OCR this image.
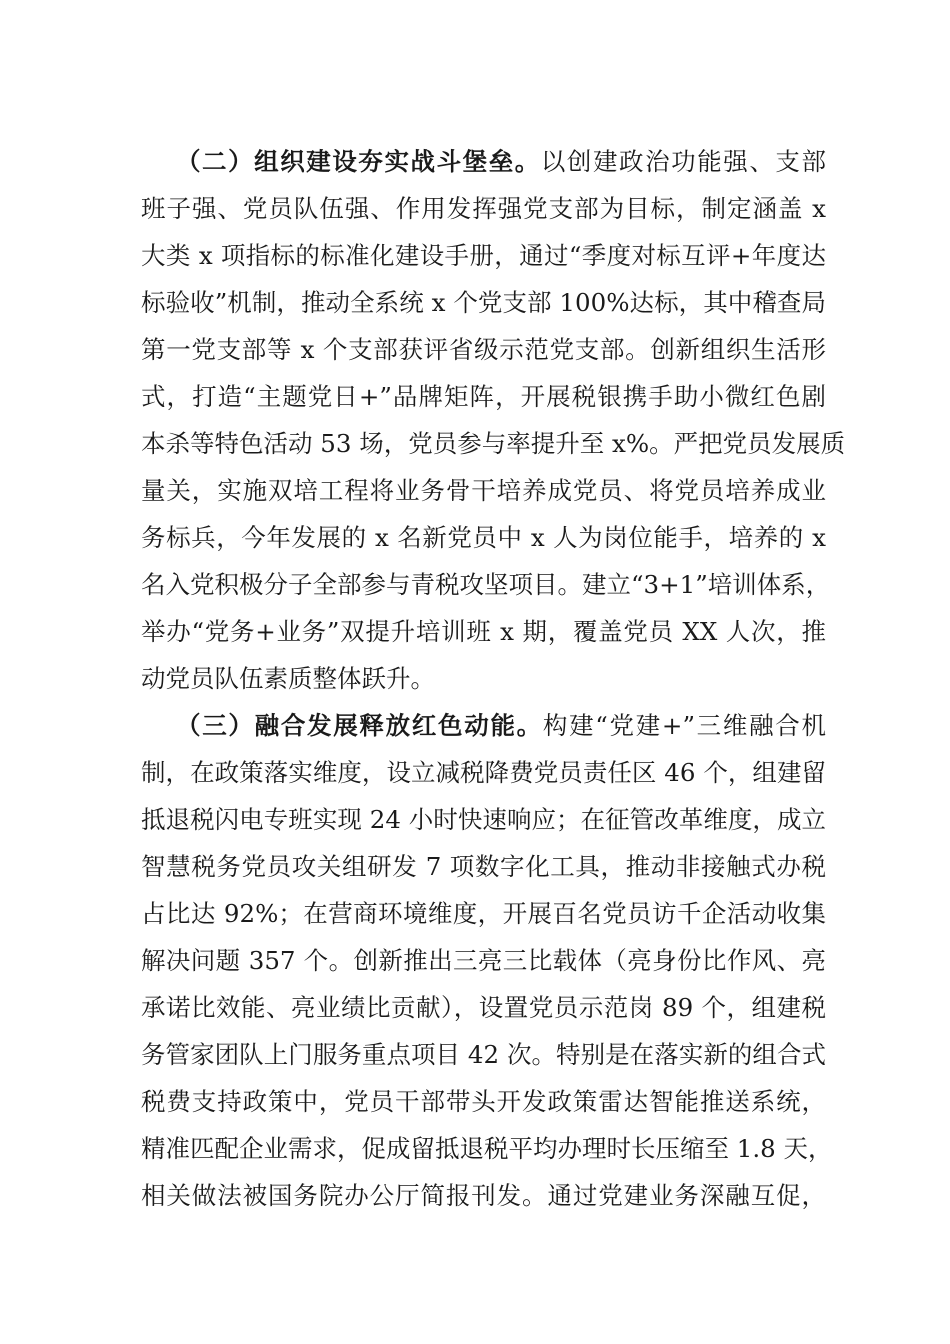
（二）组织建设夯实战斗堡垒。以创建政治功能强、支部

班子强、党员队伍强、作用发挥强党支部为目标，制定涵盖 x

大类 x 项指标的标准化建设手册，通过“季度对标互评+年度达

标验收”机制，推动全系统 x 个党支部 100%达标，其中稽查局

第一党支部等 x 个支部获评省级示范党支部。创新组织生活形

式，打造“主题党日+”品牌矩阵，开展税银携手助小微红色剧

本杀等特色活动 53 场，党员参与率提升至 x%。严把党员发展质

量关，实施双培工程将业务骨干培养成党员、将党员培养成业

务标兵，今年发展的 x 名新党员中 x 人为岗位能手，培养的 x

名入党积极分子全部参与青税攻坚项目。建立“3+1”培训体系，

举办“党务+业务”双提升培训班 x 期，覆盖党员 XX 人次，推

动党员队伍素质整体跃升。

（三）融合发展释放红色动能。构建“党建+”三维融合机

制，在政策落实维度，设立减税降费党员责任区 46 个，组建留

抵退税闪电专班实现 24 小时快速响应；在征管改革维度，成立

智慧税务党员攻关组研发 7 项数字化工具，推动非接触式办税

占比达 92%；在营商环境维度，开展百名党员访千企活动收集

解决问题 357 个。创新推出三亮三比载体（亮身份比作风、亮

承诺比效能、亮业绩比贡献），设置党员示范岗 89 个，组建税

务管家团队上门服务重点项目 42 次。特别是在落实新的组合式

税费支持政策中，党员干部带头开发政策雷达智能推送系统，

精准匹配企业需求，促成留抵退税平均办理时长压缩至 1.8 天，

相关做法被国务院办公厅简报刊发。通过党建业务深融互促，
